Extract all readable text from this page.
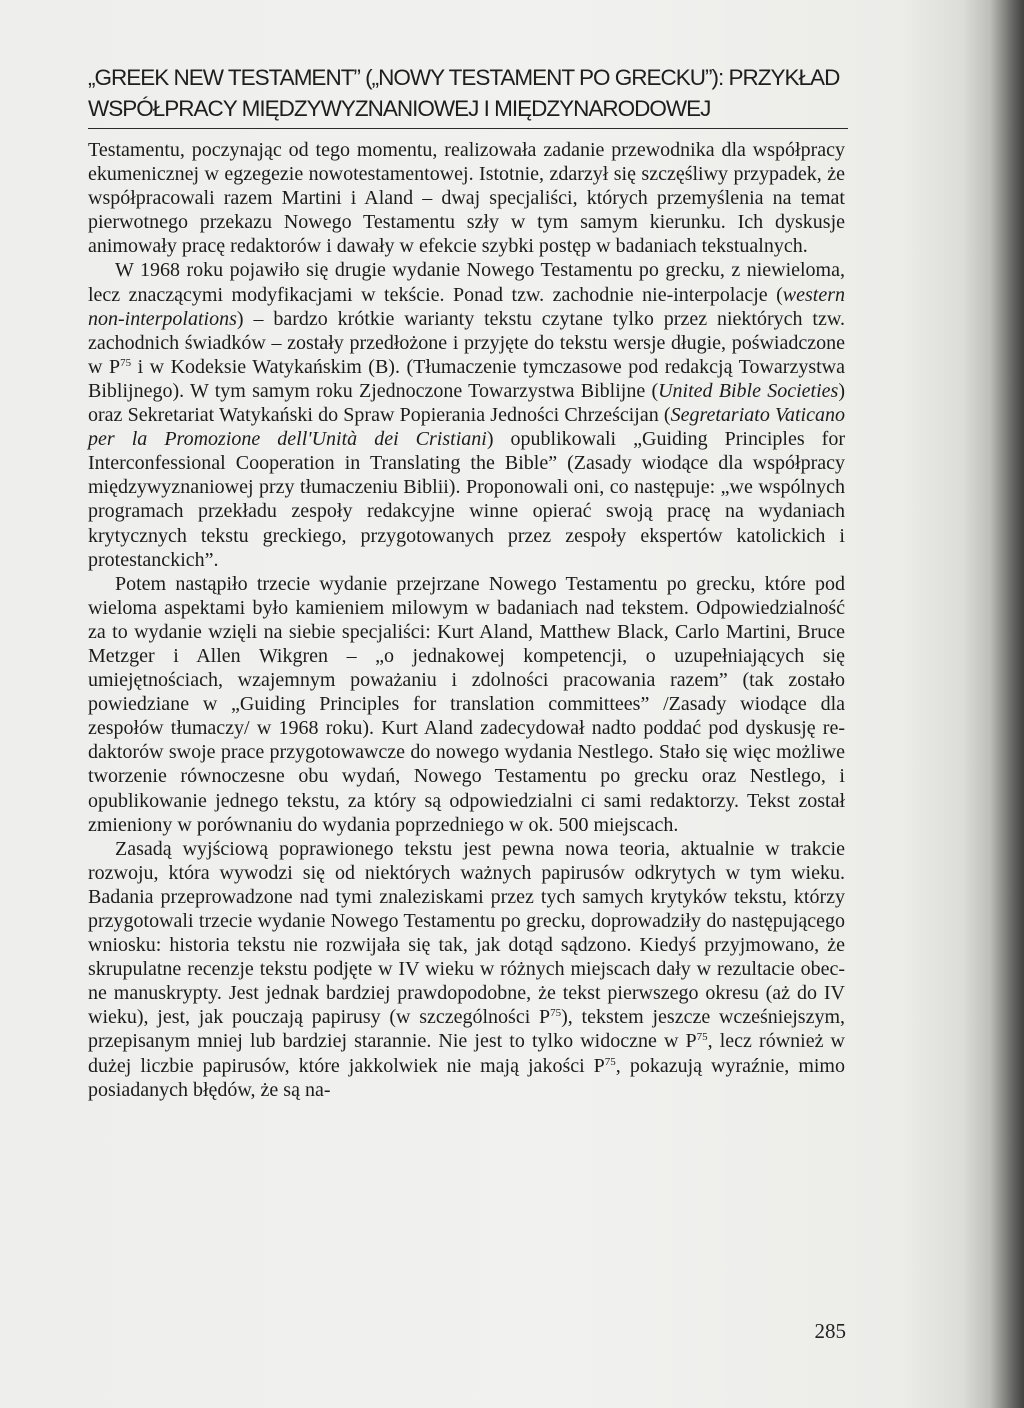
„GREEK NEW TESTAMENT” („NOWY TESTAMENT PO GRECKU”): PRZYKŁAD WSPÓŁPRACY MIĘDZYWYZNANIOWEJ I MIĘDZYNARODOWEJ

Testamentu, poczynając od tego momentu, realizowała zadanie przewodnika dla współpracy ekumenicznej w egzegezie nowotestamentowej. Istotnie, zdarzył się szczęśliwy przypadek, że współpracowali razem Martini i Aland – dwaj specjaliści, których przemyślenia na temat pierwotnego przekazu Nowego Testamentu szły w tym samym kierunku. Ich dyskusje animowały pracę redaktorów i dawały w efekcie szybki postęp w badaniach tekstualnych.

W 1968 roku pojawiło się drugie wydanie Nowego Testamentu po grecku, z niewieloma, lecz znaczącymi modyfikacjami w tekście. Ponad tzw. zachodnie nie-interpolacje (western non-interpolations) – bardzo krótkie warianty tekstu czytane tylko przez niektórych tzw. zachodnich świadków – zostały przedłożone i przyjęte do tekstu wersje długie, poświadczone w $P^{75}$ i w Kodeksie Watykańskim (B). (Tłumaczenie tymczasowe pod redakcją Towarzystwa Biblijnego). W tym samym roku Zjednoczone Towarzystwa Biblijne (United Bible Societies) oraz Sekretariat Watykański do Spraw Popierania Jedności Chrześcijan (Segretariato Vaticano per la Promozione dell'Unità dei Cristiani) opublikowali „Guiding Principles for Interconfessional Cooperation in Translating the Bible” (Zasady wiodące dla współpracy międzywyznaniowej przy tłumaczeniu Biblii). Proponowali oni, co następuje: „we wspólnych programach przekładu zespoły redakcyjne winne opierać swoją pracę na wydaniach krytycznych tekstu greckiego, przygotowanych przez zespoły ekspertów katolickich i protestanckich”.

Potem nastąpiło trzecie wydanie przejrzane Nowego Testamentu po grecku, które pod wieloma aspektami było kamieniem milowym w badaniach nad tekstem. Odpowiedzialność za to wydanie wzięli na siebie specjaliści: Kurt Aland, Matthew Black, Carlo Martini, Bruce Metzger i Allen Wikgren – „o jednakowej kompetencji, o uzupełniających się umiejętnościach, wzajemnym poważaniu i zdolności pracowania razem” (tak zostało powiedziane w „Guiding Principles for translation committees” /Zasady wiodące dla zespołów tłumaczy/ w 1968 roku). Kurt Aland zadecydował nadto poddać pod dyskusję redaktorów swoje prace przygotowawcze do nowego wydania Nestlego. Stało się więc możliwe tworzenie równoczesne obu wydań, Nowego Testamentu po grecku oraz Nestlego, i opublikowanie jednego tekstu, za który są odpowiedzialni ci sami redaktorzy. Tekst został zmieniony w porównaniu do wydania poprzedniego w ok. 500 miejscach.

Zasadą wyjściową poprawionego tekstu jest pewna nowa teoria, aktualnie w trakcie rozwoju, która wywodzi się od niektórych ważnych papirusów odkrytych w tym wieku. Badania przeprowadzone nad tymi znaleziskami przez tych samych krytyków tekstu, którzy przygotowali trzecie wydanie Nowego Testamentu po grecku, doprowadziły do następującego wniosku: historia tekstu nie rozwijała się tak, jak dotąd sądzono. Kiedyś przyjmowano, że skrupulatne recenzje tekstu podjęte w IV wieku w różnych miejscach dały w rezultacie obecne manuskrypty. Jest jednak bardziej prawdopodobne, że tekst pierwszego okresu (aż do IV wieku), jest, jak pouczają papirusy (w szczególności $P^{75}$), tekstem jeszcze wcześniejszym, przepisanym mniej lub bardziej starannie. Nie jest to tylko widoczne w $P^{75}$, lecz również w dużej liczbie papirusów, które jakkolwiek nie mają jakości $P^{75}$, pokazują wyraźnie, mimo posiadanych błędów, że są na-

285
